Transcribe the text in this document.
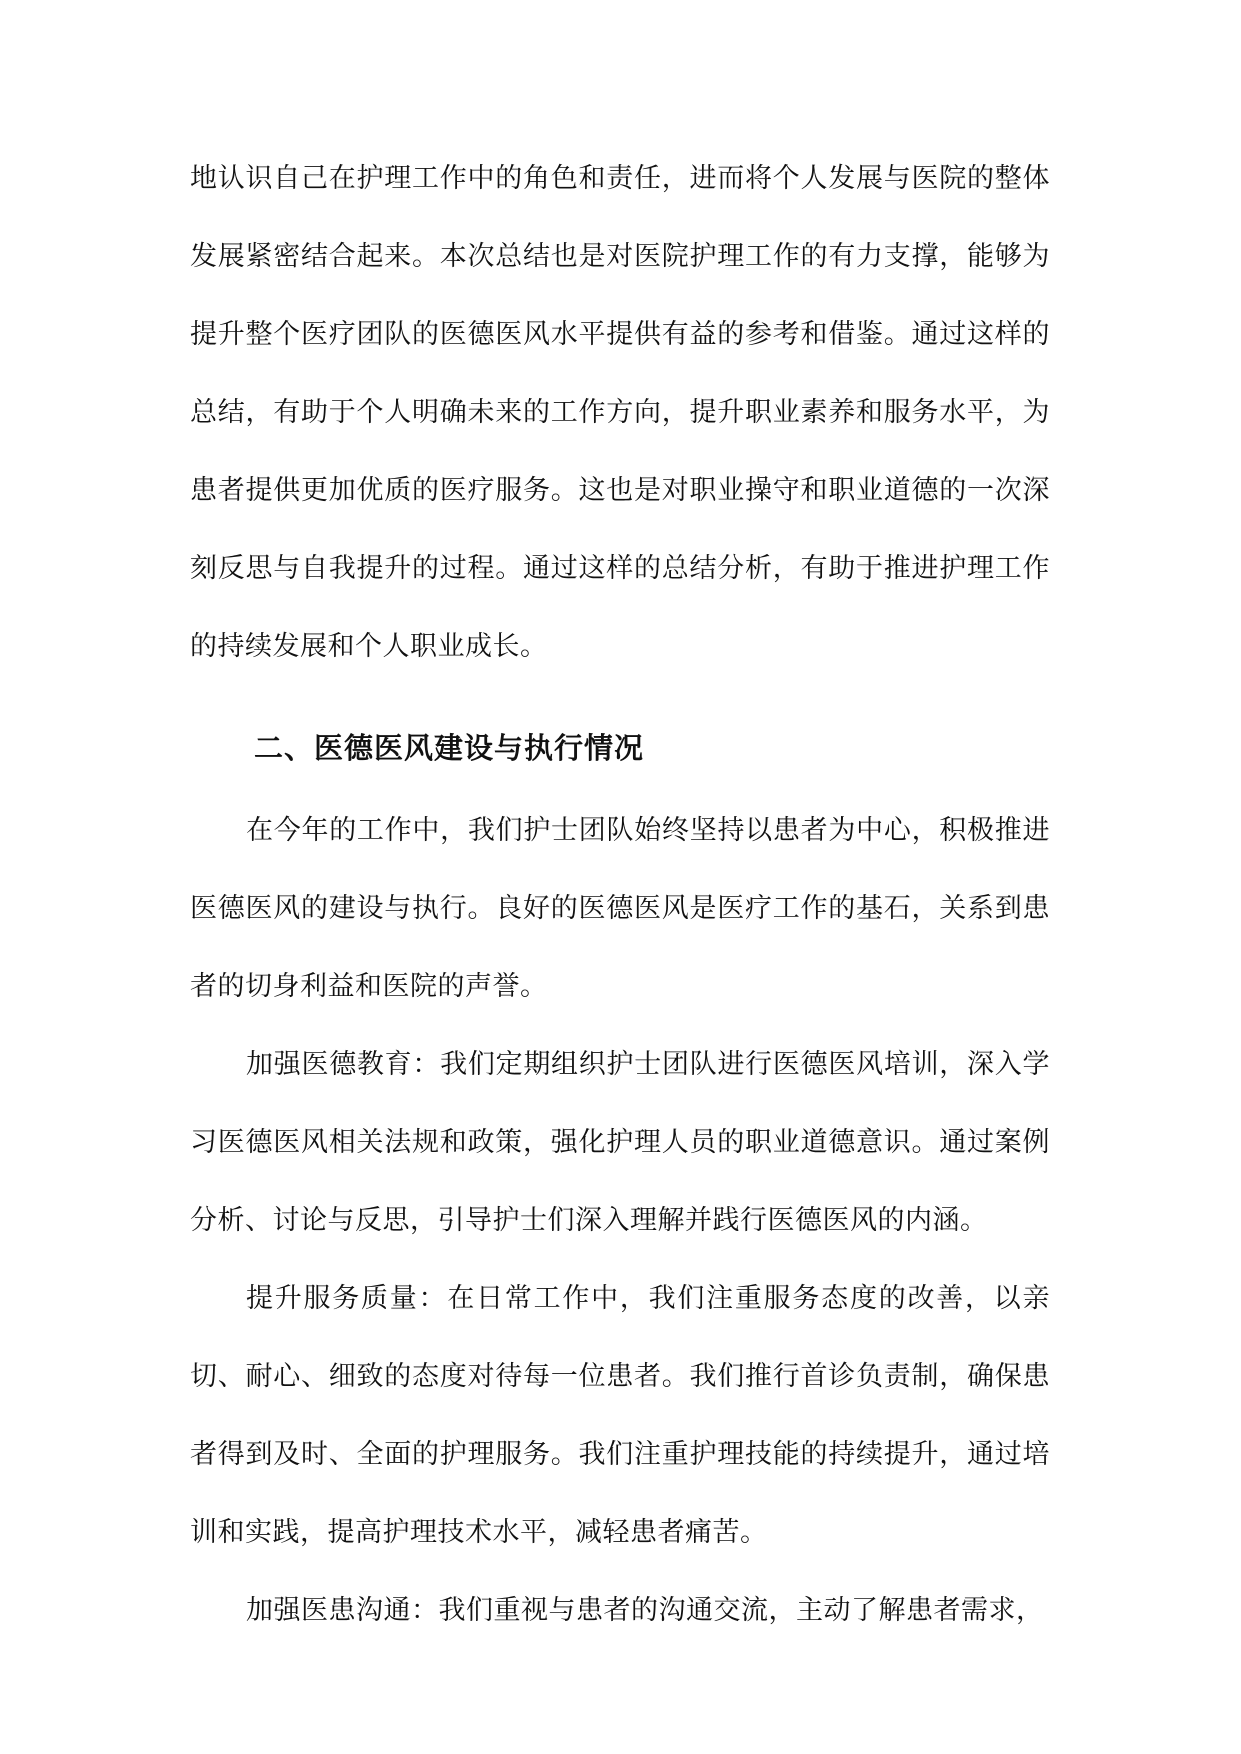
地认识自己在护理工作中的角色和责任，进而将个人发展与医院的整体发展紧密结合起来。本次总结也是对医院护理工作的有力支撑，能够为提升整个医疗团队的医德医风水平提供有益的参考和借鉴。通过这样的总结，有助于个人明确未来的工作方向，提升职业素养和服务水平，为患者提供更加优质的医疗服务。这也是对职业操守和职业道德的一次深刻反思与自我提升的过程。通过这样的总结分析，有助于推进护理工作的持续发展和个人职业成长。

二、医德医风建设与执行情况

在今年的工作中，我们护士团队始终坚持以患者为中心，积极推进医德医风的建设与执行。良好的医德医风是医疗工作的基石，关系到患者的切身利益和医院的声誉。

加强医德教育：我们定期组织护士团队进行医德医风培训，深入学习医德医风相关法规和政策，强化护理人员的职业道德意识。通过案例分析、讨论与反思，引导护士们深入理解并践行医德医风的内涵。

提升服务质量：在日常工作中，我们注重服务态度的改善，以亲切、耐心、细致的态度对待每一位患者。我们推行首诊负责制，确保患者得到及时、全面的护理服务。我们注重护理技能的持续提升，通过培训和实践，提高护理技术水平，减轻患者痛苦。

加强医患沟通：我们重视与患者的沟通交流，主动了解患者需求，
